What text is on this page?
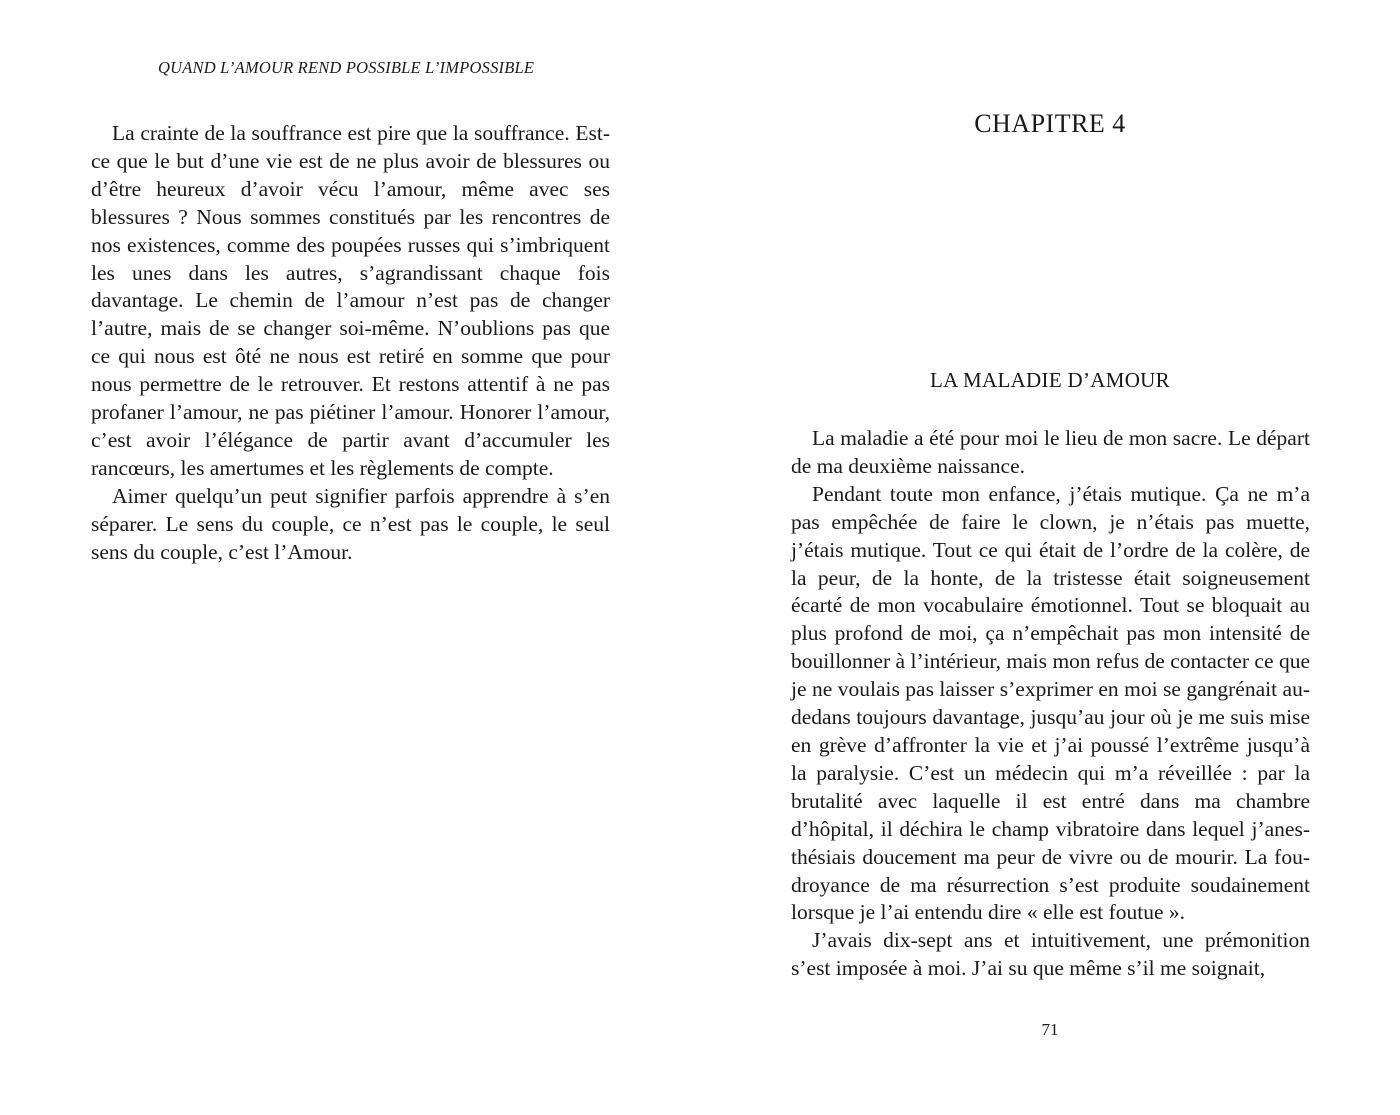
QUAND L’AMOUR REND POSSIBLE L’IMPOSSIBLE

La crainte de la souffrance est pire que la souffrance. Est-ce que le but d’une vie est de ne plus avoir de blessures ou d’être heureux d’avoir vécu l’amour, même avec ses blessures ? Nous sommes constitués par les rencontres de nos existences, comme des poupées russes qui s’imbriquent les unes dans les autres, s’agrandissant chaque fois davantage. Le chemin de l’amour n’est pas de changer l’autre, mais de se changer soi-même. N’oublions pas que ce qui nous est ôté ne nous est retiré en somme que pour nous permettre de le retrouver. Et restons attentif à ne pas profaner l’amour, ne pas piétiner l’amour. Honorer l’amour, c’est avoir l’élégance de partir avant d’accumuler les rancœurs, les amertumes et les règlements de compte.

Aimer quelqu’un peut signifier parfois apprendre à s’en séparer. Le sens du couple, ce n’est pas le couple, le seul sens du couple, c’est l’Amour.

CHAPITRE 4
LA MALADIE D’AMOUR

La maladie a été pour moi le lieu de mon sacre. Le départ de ma deuxième naissance.

Pendant toute mon enfance, j’étais mutique. Ça ne m’a pas empêchée de faire le clown, je n’étais pas muette, j’étais mutique. Tout ce qui était de l’ordre de la colère, de la peur, de la honte, de la tristesse était soigneusement écarté de mon vocabulaire émotionnel. Tout se bloquait au plus profond de moi, ça n’empêchait pas mon intensité de bouillonner à l’intérieur, mais mon refus de contacter ce que je ne voulais pas laisser s’exprimer en moi se gangrénait au-dedans toujours davantage, jusqu’au jour où je me suis mise en grève d’affronter la vie et j’ai poussé l’extrême jusqu’à la paralysie. C’est un médecin qui m’a réveillée : par la brutalité avec laquelle il est entré dans ma chambre d’hôpital, il déchira le champ vibratoire dans lequel j’anesthésiais doucement ma peur de vivre ou de mourir. La foudroyance de ma résurrection s’est produite soudainement lorsque je l’ai entendu dire « elle est foutue ».

J’avais dix-sept ans et intuitivement, une prémonition s’est imposée à moi. J’ai su que même s’il me soignait,

71
